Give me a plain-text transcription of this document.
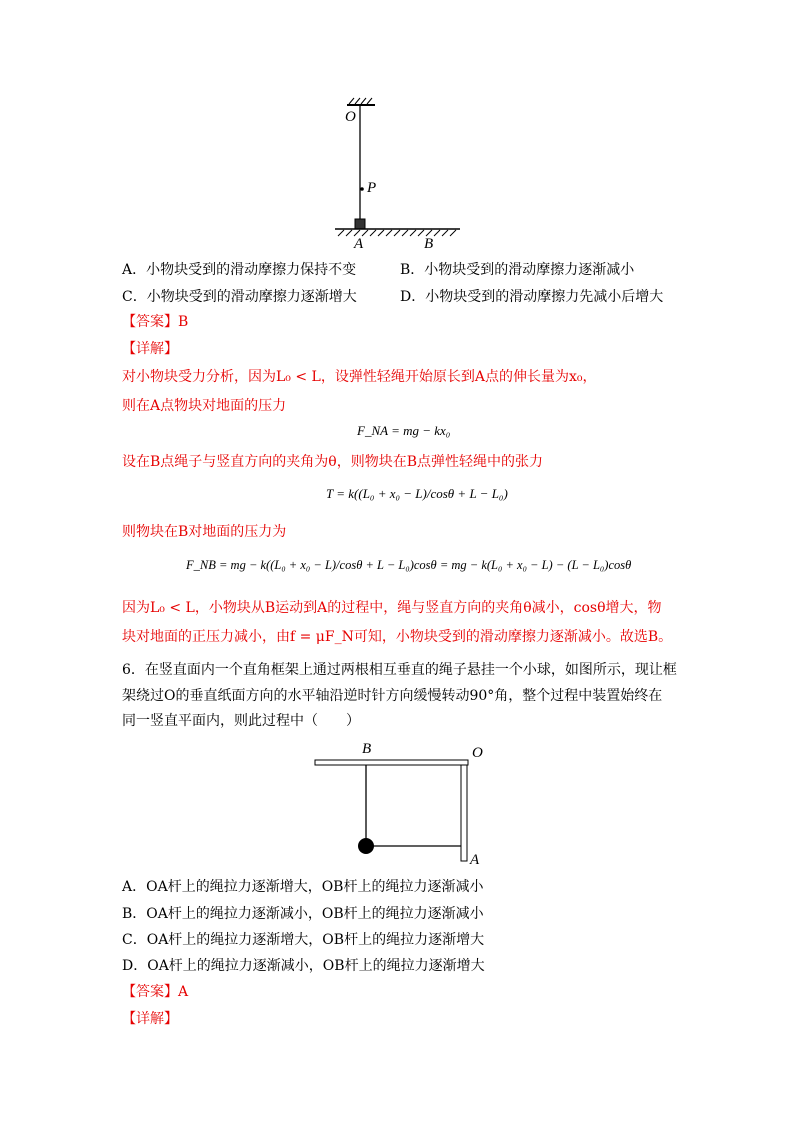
O
P
A	B
A．小物块受到的滑动摩擦力保持不变	B．小物块受到的滑动摩擦力逐渐减小
C．小物块受到的滑动摩擦力逐渐增大	D．小物块受到的滑动摩擦力先减小后增大
【答案】B
【详解】
对小物块受力分析，因为L₀ < L，设弹性轻绳开始原长到A点的伸长量为x₀，
则在A点物块对地面的压力
F_NA = mg − kx₀
设在B点绳子与竖直方向的夹角为θ，则物块在B点弹性轻绳中的张力
T = k((L₀ + x₀ − L)/cosθ + L − L₀)
则物块在B对地面的压力为
F_NB = mg − k((L₀ + x₀ − L)/cosθ + L − L₀)cosθ = mg − k(L₀ + x₀ − L) − (L − L₀)cosθ
因为L₀ < L，小物块从B运动到A的过程中，绳与竖直方向的夹角θ减小，cosθ增大，物
块对地面的正压力减小，由f = μF_N可知，小物块受到的滑动摩擦力逐渐减小。故选B。
6．在竖直面内一个直角框架上通过两根相互垂直的绳子悬挂一个小球，如图所示，现让框
架绕过O的垂直纸面方向的水平轴沿逆时针方向缓慢转动90°角，整个过程中装置始终在
同一竖直平面内，则此过程中（　　）
B	O
A
A．OA杆上的绳拉力逐渐增大，OB杆上的绳拉力逐渐减小
B．OA杆上的绳拉力逐渐减小，OB杆上的绳拉力逐渐减小
C．OA杆上的绳拉力逐渐增大，OB杆上的绳拉力逐渐增大
D．OA杆上的绳拉力逐渐减小，OB杆上的绳拉力逐渐增大
【答案】A
【详解】
